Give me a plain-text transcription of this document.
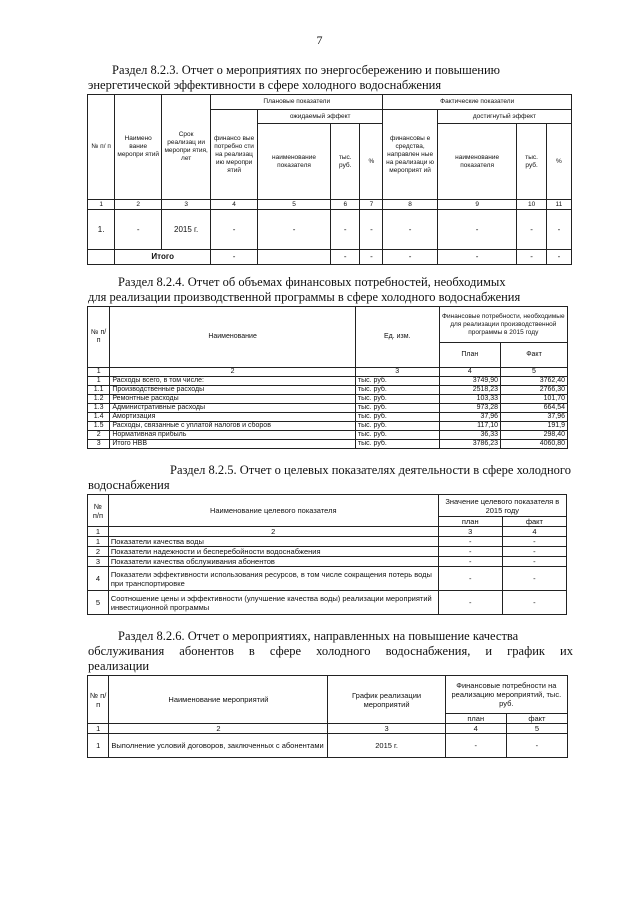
7
Раздел 8.2.3. Отчет о мероприятиях по энергосбережению и повышению
энергетической эффективности в сфере холодного водоснабжения
№ п/ п	Наимено вание меропри ятий	Срок реализац ии меропри ятия, лет	Плановые показатели				Фактические показатели			
			финансо вые потребно сти на реализац ию меропри ятий	ожидаемый эффект			финансовы е средства, направлен ные на реализаци ю мероприят ий	достигнутый эффект		
				наименование показателя	тыс. руб.	%		наименование показателя	тыс. руб.	%
1	2	3	4	5	6	7	8	9	10	11
1.	-	2015 г.	-	-	-	-	-	-	-	-
	Итого		-		-	-	-	-	-	-
Раздел 8.2.4. Отчет об объемах финансовых потребностей, необходимых
для реализации производственной программы в сфере холодного водоснабжения
№ п/п	Наименование	Ед. изм.	Финансовые потребности, необходимые для реализации производственной программы в 2015 году	
			План	Факт
1	2	3	4	5
1	Расходы всего, в том числе:	тыс. руб.	3749,90	3762,40
1.1	Производственные расходы	тыс. руб.	2518,23	2766,30
1.2	Ремонтные расходы	тыс. руб.	103,33	101,70
1.3	Административные расходы	тыс. руб.	973,28	664,54
1.4	Амортизация	тыс. руб.	37,96	37,96
1.5	Расходы, связанные с уплатой налогов и сборов	тыс. руб.	117,10	191,9
2	Нормативная прибыль	тыс. руб.	36,33	298,40
3	Итого НВВ	тыс. руб.	3786,23	4060,80
Раздел 8.2.5. Отчет о целевых показателях деятельности в сфере холодного
водоснабжения
№ п/п	Наименование целевого показателя	Значение целевого показателя в 2015 году	
		план	факт
1	2	3	4
1	Показатели качества воды	-	-
2	Показатели надежности и бесперебойности водоснабжения	-	-
3	Показатели качества обслуживания абонентов	-	-
4	Показатели эффективности использования ресурсов, в том числе сокращения потерь воды при транспортировке	-	-
5	Соотношение цены и эффективности (улучшение качества воды) реализации мероприятий инвестиционной программы	-	-
Раздел 8.2.6. Отчет о мероприятиях, направленных на повышение качества
обслуживания абонентов в сфере холодного водоснабжения, и график их
реализации
№ п/п	Наименование мероприятий	График реализации мероприятий	Финансовые потребности на реализацию мероприятий, тыс. руб.	
			план	факт
1	2	3	4	5
1	Выполнение условий договоров, заключенных с абонентами	2015 г.	-	-
